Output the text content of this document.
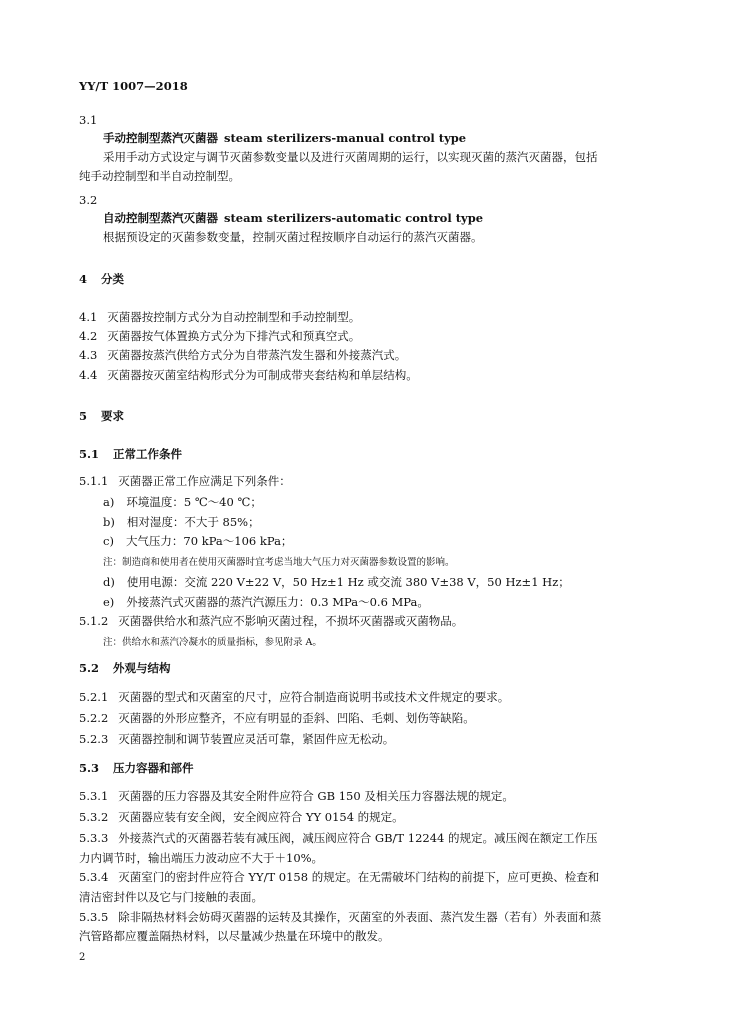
YY/T 1007—2018
3.1
手动控制型蒸汽灭菌器 steam sterilizers-manual control type
采用手动方式设定与调节灭菌参数变量以及进行灭菌周期的运行，以实现灭菌的蒸汽灭菌器，包括
纯手动控制型和半自动控制型。
3.2
自动控制型蒸汽灭菌器 steam sterilizers-automatic control type
根据预设定的灭菌参数变量，控制灭菌过程按顺序自动运行的蒸汽灭菌器。
4 分类
4.1 灭菌器按控制方式分为自动控制型和手动控制型。
4.2 灭菌器按气体置换方式分为下排汽式和预真空式。
4.3 灭菌器按蒸汽供给方式分为自带蒸汽发生器和外接蒸汽式。
4.4 灭菌器按灭菌室结构形式分为可制成带夹套结构和单层结构。
5 要求
5.1 正常工作条件
5.1.1 灭菌器正常工作应满足下列条件：
a) 环境温度：5 ℃～40 ℃；
b) 相对湿度：不大于 85%；
c) 大气压力：70 kPa～106 kPa；
注：制造商和使用者在使用灭菌器时宜考虑当地大气压力对灭菌器参数设置的影响。
d) 使用电源：交流 220 V±22 V，50 Hz±1 Hz 或交流 380 V±38 V，50 Hz±1 Hz；
e) 外接蒸汽式灭菌器的蒸汽汽源压力：0.3 MPa～0.6 MPa。
5.1.2 灭菌器供给水和蒸汽应不影响灭菌过程，不损坏灭菌器或灭菌物品。
注：供给水和蒸汽冷凝水的质量指标，参见附录 A。
5.2 外观与结构
5.2.1 灭菌器的型式和灭菌室的尺寸，应符合制造商说明书或技术文件规定的要求。
5.2.2 灭菌器的外形应整齐，不应有明显的歪斜、凹陷、毛刺、划伤等缺陷。
5.2.3 灭菌器控制和调节装置应灵活可靠，紧固件应无松动。
5.3 压力容器和部件
5.3.1 灭菌器的压力容器及其安全附件应符合 GB 150 及相关压力容器法规的规定。
5.3.2 灭菌器应装有安全阀，安全阀应符合 YY 0154 的规定。
5.3.3 外接蒸汽式的灭菌器若装有减压阀，减压阀应符合 GB/T 12244 的规定。减压阀在额定工作压
力内调节时，输出端压力波动应不大于＋10%。
5.3.4 灭菌室门的密封件应符合 YY/T 0158 的规定。在无需破坏门结构的前提下，应可更换、检查和
清洁密封件以及它与门接触的表面。
5.3.5 除非隔热材料会妨碍灭菌器的运转及其操作，灭菌室的外表面、蒸汽发生器（若有）外表面和蒸
汽管路都应覆盖隔热材料，以尽量减少热量在环境中的散发。
2
